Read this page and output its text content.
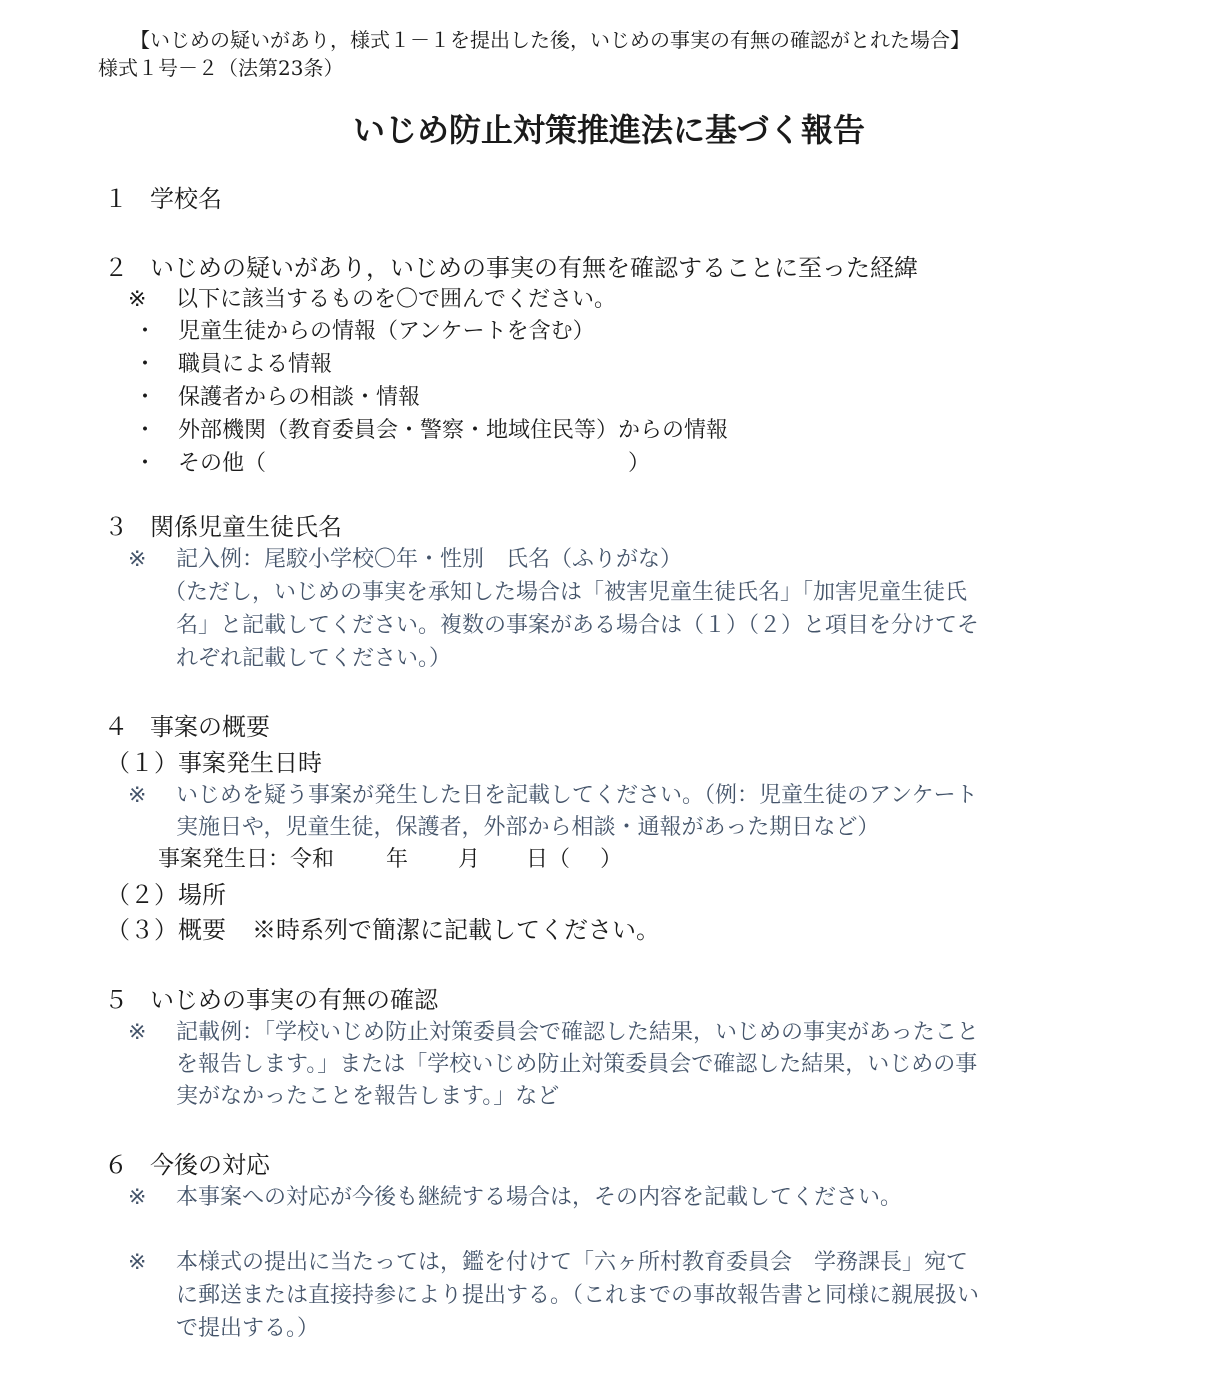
【いじめの疑いがあり，様式１－１を提出した後，いじめの事実の有無の確認がとれた場合】
様式１号－２（法第23条）
いじめ防止対策推進法に基づく報告
１ 学校名
２ いじめの疑いがあり，いじめの事実の有無を確認することに至った経緯
※ 以下に該当するものを〇で囲んでください。
・ 児童生徒からの情報（アンケートを含む）
・ 職員による情報
・ 保護者からの相談・情報
・ 外部機関（教育委員会・警察・地域住民等）からの情報
・ その他（	）
３ 関係児童生徒氏名
※ 記入例：尾駮小学校〇年・性別　氏名（ふりがな）
（ただし，いじめの事実を承知した場合は「被害児童生徒氏名」「加害児童生徒氏
名」と記載してください。複数の事案がある場合は（１）（２）と項目を分けてそ
れぞれ記載してください。）
４ 事案の概要
（１）事案発生日時
※ いじめを疑う事案が発生した日を記載してください。（例：児童生徒のアンケート
実施日や，児童生徒，保護者，外部から相談・通報があった期日など）
事案発生日：令和 年 月 日（ ）
（２）場所
（３）概要 ※時系列で簡潔に記載してください。
５ いじめの事実の有無の確認
※ 記載例：「学校いじめ防止対策委員会で確認した結果，いじめの事実があったこと
を報告します。」または「学校いじめ防止対策委員会で確認した結果，いじめの事
実がなかったことを報告します。」など
６ 今後の対応
※ 本事案への対応が今後も継続する場合は，その内容を記載してください。
※ 本様式の提出に当たっては，鑑を付けて「六ヶ所村教育委員会　学務課長」宛て
に郵送または直接持参により提出する。（これまでの事故報告書と同様に親展扱い
で提出する。）
